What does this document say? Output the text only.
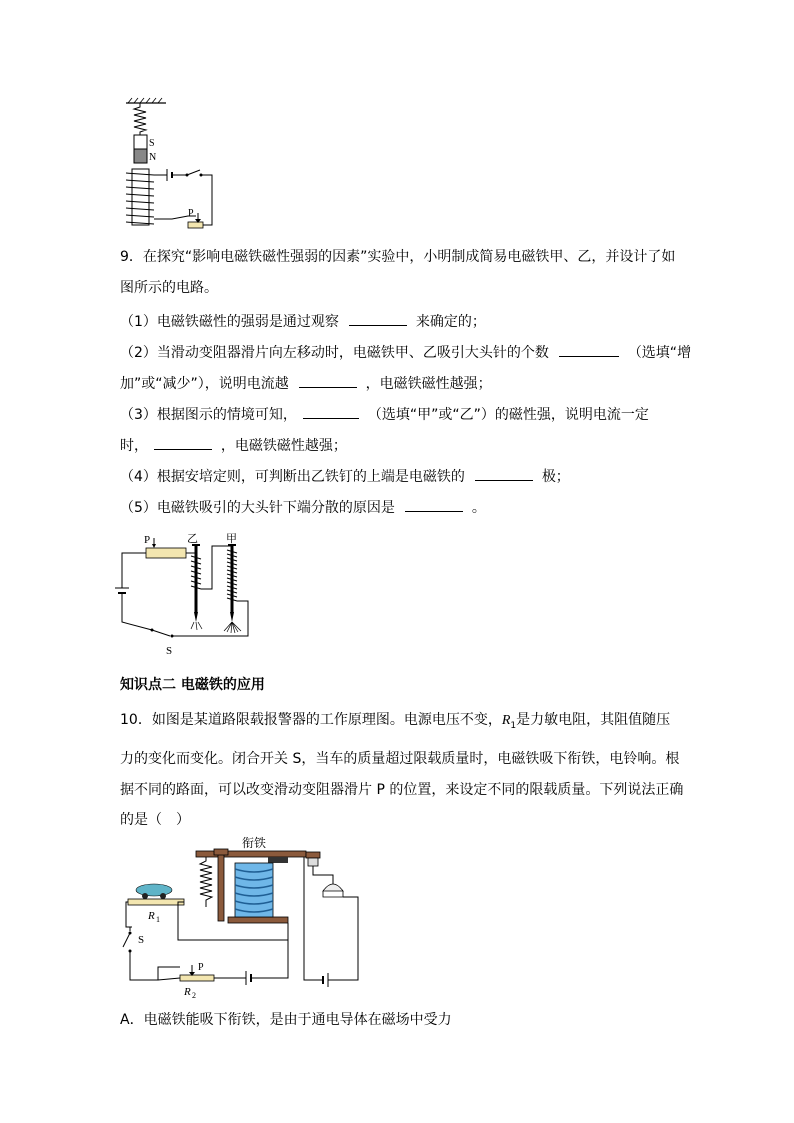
S
N
P
9．在探究“影响电磁铁磁性强弱的因素”实验中，小明制成简易电磁铁甲、乙，并设计了如
图所示的电路。
（1）电磁铁磁性的强弱是通过观察	来确定的；
（2）当滑动变阻器滑片向左移动时，电磁铁甲、乙吸引大头针的个数	（选填“增
加”或“减少”），说明电流越	，电磁铁磁性越强；
（3）根据图示的情境可知，	（选填“甲”或“乙”）的磁性强，说明电流一定
时，	，电磁铁磁性越强；
（4）根据安培定则，可判断出乙铁钉的上端是电磁铁的	极；
（5）电磁铁吸引的大头针下端分散的原因是	。
P	乙	甲
S
知识点二 电磁铁的应用
10．如图是某道路限载报警器的工作原理图。电源电压不变，$R_1$是力敏电阻，其阻值随压
力的变化而变化。闭合开关 S，当车的质量超过限载质量时，电磁铁吸下衔铁，电铃响。根
据不同的路面，可以改变滑动变阻器滑片 P 的位置，来设定不同的限载质量。下列说法正确
的是（　）
衔铁
R 1
S
P
R 2
A．电磁铁能吸下衔铁，是由于通电导体在磁场中受力
